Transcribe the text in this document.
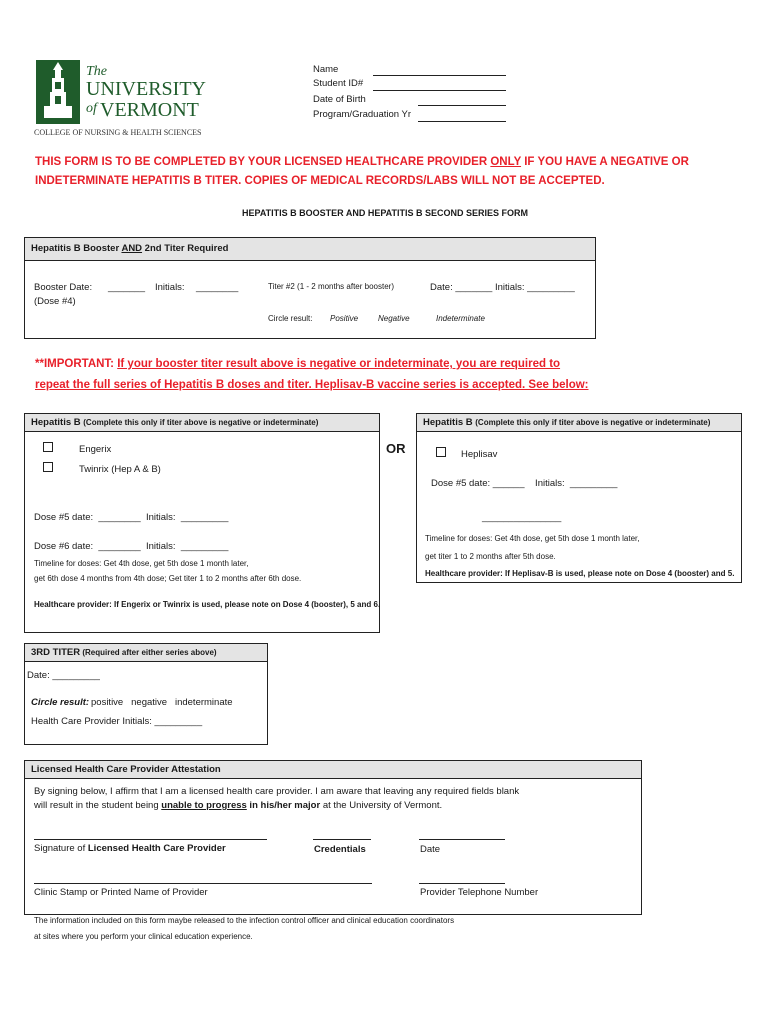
The
UNIVERSITY
of VERMONT
COLLEGE OF NURSING & HEALTH SCIENCES
Name
Student ID#
Date of Birth
Program/Graduation Yr
THIS FORM IS TO BE COMPLETED BY YOUR LICENSED HEALTHCARE PROVIDER ONLY IF YOU HAVE A NEGATIVE OR
INDETERMINATE HEPATITIS B TITER. COPIES OF MEDICAL RECORDS/LABS WILL NOT BE ACCEPTED.
HEPATITIS B BOOSTER AND HEPATITIS B SECOND SERIES FORM
Hepatitis B Booster AND 2nd Titer Required
Booster Date: _______ Initials: ________
(Dose #4)
Titer #2 (1 - 2 months after booster)	Date: _______ Initials: _________
Circle result: Positive Negative	Indeterminate
**IMPORTANT: If your booster titer result above is negative or indeterminate, you are required to
repeat the full series of Hepatitis B doses and titer. Heplisav-B vaccine series is accepted. See below:
Hepatitis B (Complete this only if titer above is negative or indeterminate)
Engerix
Twinrix (Hep A & B)
Dose #5 date:  ________  Initials:  _________
Dose #6 date:  ________  Initials:  _________
Timeline for doses: Get 4th dose, get 5th dose 1 month later,
get 6th dose 4 months from 4th dose; Get titer 1 to 2 months after 6th dose.
Healthcare provider: If Engerix or Twinrix is used, please note on Dose 4 (booster), 5 and 6.
OR
Hepatitis B (Complete this only if titer above is negative or indeterminate)
Heplisav
Dose #5 date: ______    Initials:  _________
_______________
Timeline for doses: Get 4th dose, get 5th dose 1 month later,
get titer 1 to 2 months after 5th dose.
Healthcare provider: If Heplisav-B is used, please note on Dose 4 (booster) and 5.
3RD TITER (Required after either series above)
Date: _________
Circle result: positive   negative   indeterminate
Health Care Provider Initials: _________
Licensed Health Care Provider Attestation
By signing below, I affirm that I am a licensed health care provider. I am aware that leaving any required fields blank
will result in the student being unable to progress in his/her major at the University of Vermont.
Signature of Licensed Health Care Provider	Credentials	Date
Clinic Stamp or Printed Name of Provider	Provider Telephone Number
The information included on this form maybe released to the infection control officer and clinical education coordinators
at sites where you perform your clinical education experience.
